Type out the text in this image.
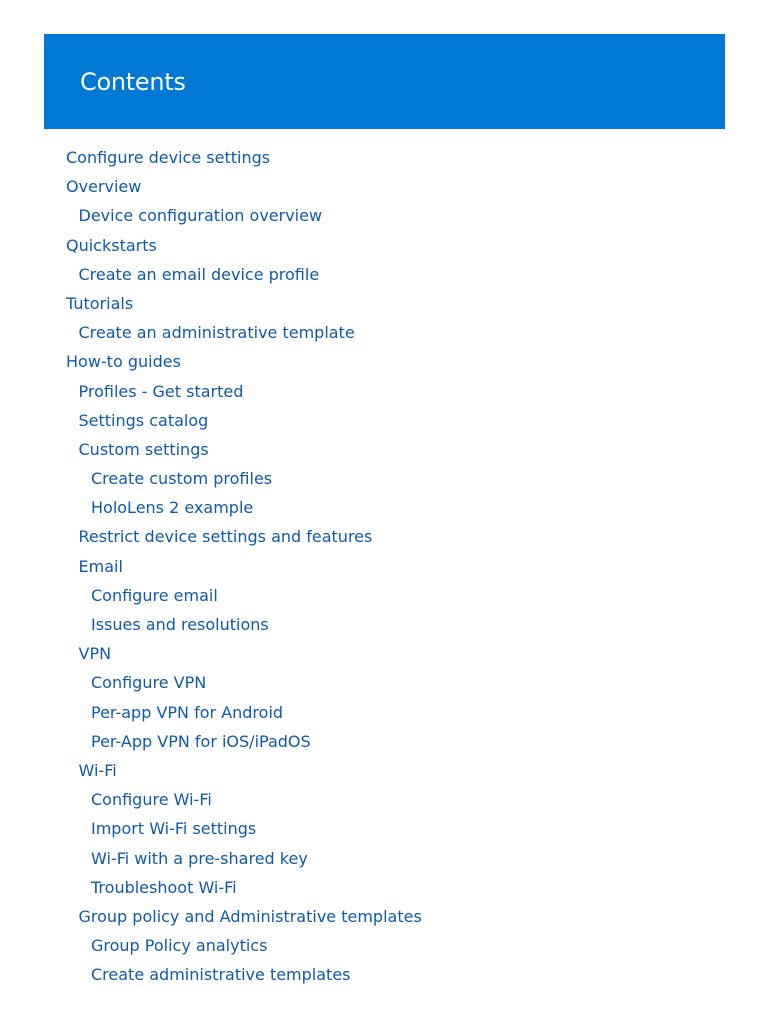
Contents
Configure device settings
Overview
Device configuration overview
Quickstarts
Create an email device profile
Tutorials
Create an administrative template
How-to guides
Profiles - Get started
Settings catalog
Custom settings
Create custom profiles
HoloLens 2 example
Restrict device settings and features
Email
Configure email
Issues and resolutions
VPN
Configure VPN
Per-app VPN for Android
Per-App VPN for iOS/iPadOS
Wi-Fi
Configure Wi-Fi
Import Wi-Fi settings
Wi-Fi with a pre-shared key
Troubleshoot Wi-Fi
Group policy and Administrative templates
Group Policy analytics
Create administrative templates
